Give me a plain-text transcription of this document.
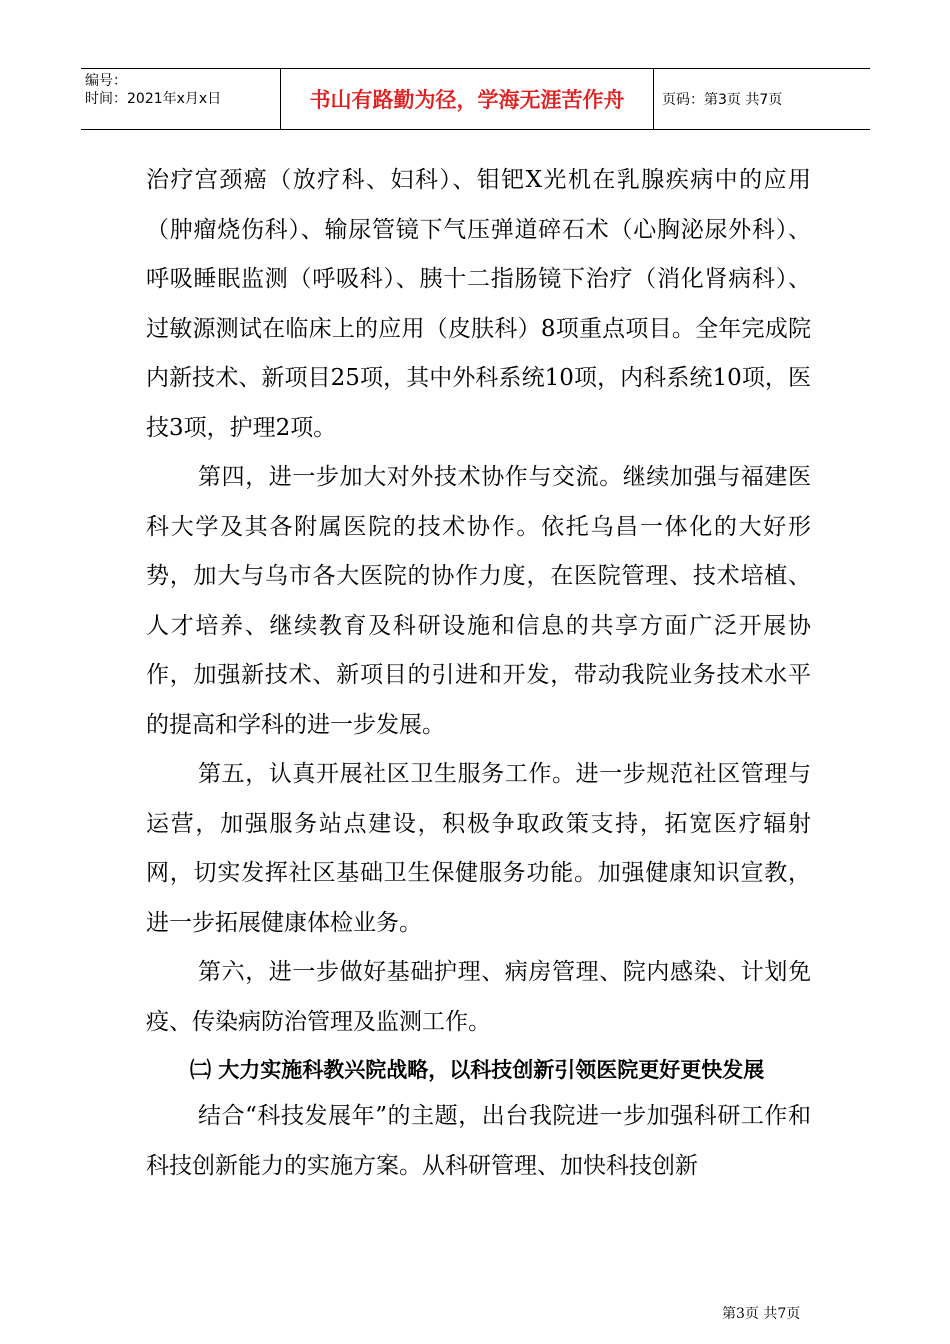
编号：
时间：2021年x月x日	书山有路勤为径，学海无涯苦作舟	页码：第3页 共7页

治疗宫颈癌（放疗科、妇科）、钼钯X光机在乳腺疾病中的应用（肿瘤烧伤科）、输尿管镜下气压弹道碎石术（心胸泌尿外科）、呼吸睡眠监测（呼吸科）、胰十二指肠镜下治疗（消化肾病科）、过敏源测试在临床上的应用（皮肤科）8项重点项目。全年完成院内新技术、新项目25项，其中外科系统10项，内科系统10项，医技3项，护理2项。

第四，进一步加大对外技术协作与交流。继续加强与福建医科大学及其各附属医院的技术协作。依托乌昌一体化的大好形势，加大与乌市各大医院的协作力度，在医院管理、技术培植、人才培养、继续教育及科研设施和信息的共享方面广泛开展协作，加强新技术、新项目的引进和开发，带动我院业务技术水平的提高和学科的进一步发展。

第五，认真开展社区卫生服务工作。进一步规范社区管理与运营，加强服务站点建设，积极争取政策支持，拓宽医疗辐射网，切实发挥社区基础卫生保健服务功能。加强健康知识宣教，进一步拓展健康体检业务。

第六，进一步做好基础护理、病房管理、院内感染、计划免疫、传染病防治管理及监测工作。

㈡ 大力实施科教兴院战略，以科技创新引领医院更好更快发展

结合“科技发展年”的主题，出台我院进一步加强科研工作和科技创新能力的实施方案。从科研管理、加快科技创新

第3页 共7页
